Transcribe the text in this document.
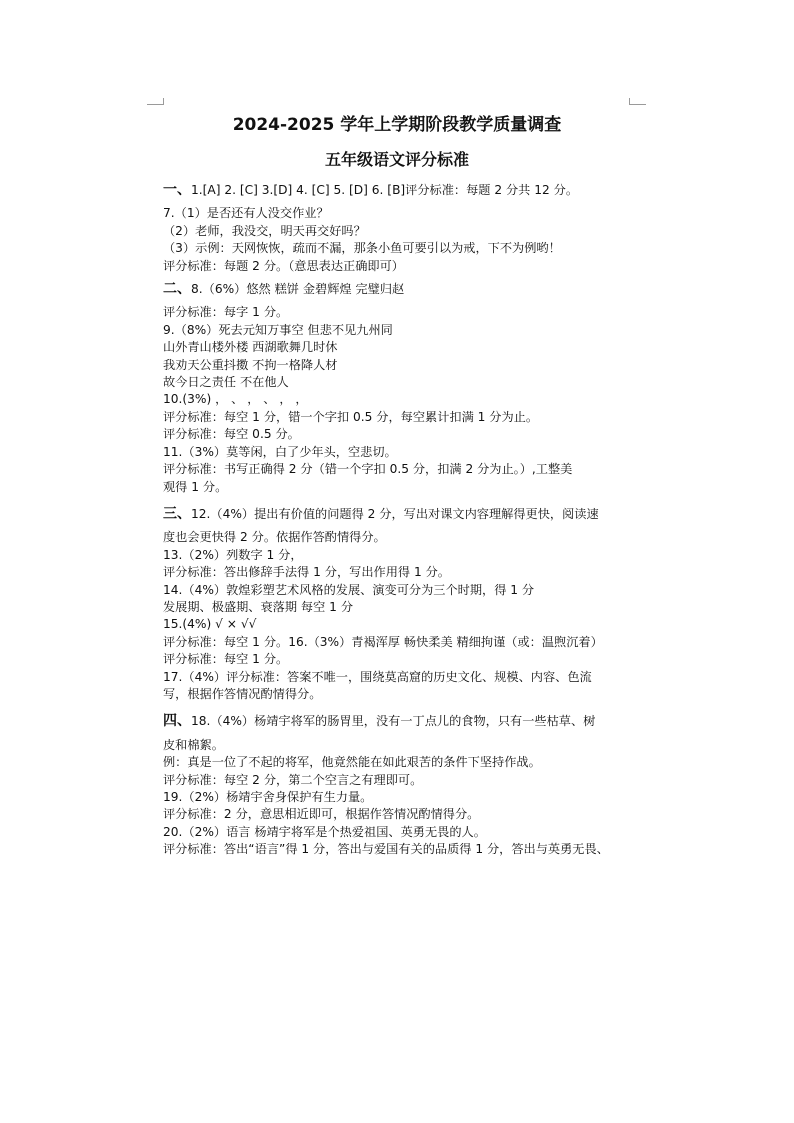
2024-2025 学年上学期阶段教学质量调查
五年级语文评分标准
一、1.[A] 2. [C] 3.[D] 4. [C] 5. [D] 6. [B]评分标准：每题 2 分共 12 分。
7.（1）是否还有人没交作业？
（2）老师，我没交，明天再交好吗？
（3）示例：天网恢恢，疏而不漏，那条小鱼可要引以为戒，下不为例哟！
评分标准：每题 2 分。（意思表达正确即可）
二、8.（6%）悠然 糕饼 金碧辉煌 完璧归赵
评分标准：每字 1 分。
9.（8%）死去元知万事空 但悲不见九州同
山外青山楼外楼 西湖歌舞几时休
我劝天公重抖擞 不拘一格降人材
故今日之责任 不在他人
10.(3%) ， 、 ， 、 ， ，
评分标准：每空 1 分，错一个字扣 0.5 分，每空累计扣满 1 分为止。
评分标准：每空 0.5 分。
11.（3%）莫等闲，白了少年头，空悲切。
评分标准：书写正确得 2 分（错一个字扣 0.5 分，扣满 2 分为止。）,工整美
观得 1 分。
三、12.（4%）提出有价值的问题得 2 分，写出对课文内容理解得更快，阅读速
度也会更快得 2 分。依据作答酌情得分。
13.（2%）列数字 1 分，
评分标准：答出修辞手法得 1 分，写出作用得 1 分。
14.（4%）敦煌彩塑艺术风格的发展、演变可分为三个时期，得 1 分
发展期、极盛期、衰落期 每空 1 分
15.(4%) √ × √√
评分标准：每空 1 分。16.（3%）青褐浑厚 畅快柔美 精细拘谨（或：温煦沉着）
评分标准：每空 1 分。
17.（4%）评分标准：答案不唯一，围绕莫高窟的历史文化、规模、内容、色流
写，根据作答情况酌情得分。
四、18.（4%）杨靖宇将军的肠胃里，没有一丁点儿的食物，只有一些枯草、树
皮和棉絮。
例：真是一位了不起的将军，他竟然能在如此艰苦的条件下坚持作战。
评分标准：每空 2 分，第二个空言之有理即可。
19.（2%）杨靖宇舍身保护有生力量。
评分标准：2 分，意思相近即可，根据作答情况酌情得分。
20.（2%）语言 杨靖宇将军是个热爱祖国、英勇无畏的人。
评分标准：答出“语言”得 1 分，答出与爱国有关的品质得 1 分，答出与英勇无畏、
